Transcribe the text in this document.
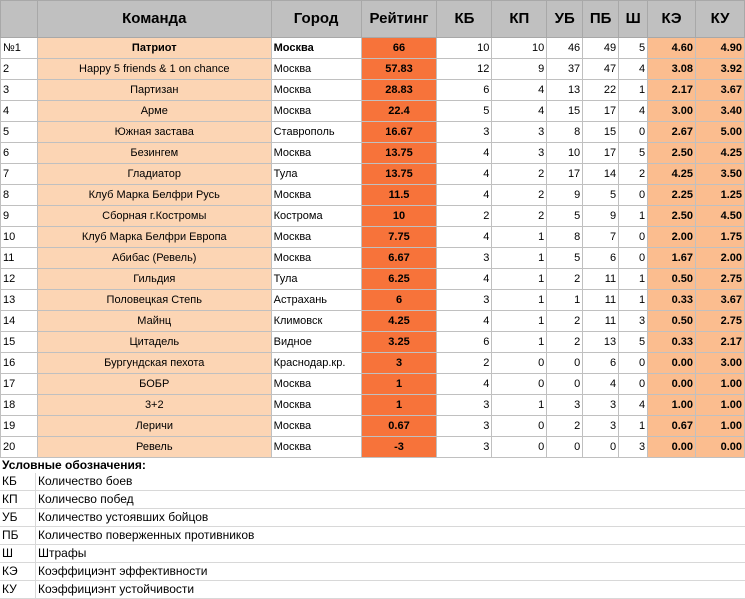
	Команда	Город	Рейтинг	КБ	КП	УБ	ПБ	Ш	КЭ	КУ
№1	Патриот	Москва	66	10	10	46	49	5	4.60	4.90
2	Happy 5 friends & 1 on chance	Москва	57.83	12	9	37	47	4	3.08	3.92
3	Партизан	Москва	28.83	6	4	13	22	1	2.17	3.67
4	Арме	Москва	22.4	5	4	15	17	4	3.00	3.40
5	Южная застава	Ставрополь	16.67	3	3	8	15	0	2.67	5.00
6	Безингем	Москва	13.75	4	3	10	17	5	2.50	4.25
7	Гладиатор	Тула	13.75	4	2	17	14	2	4.25	3.50
8	Клуб Марка Белфри Русь	Москва	11.5	4	2	9	5	0	2.25	1.25
9	Сборная г.Костромы	Кострома	10	2	2	5	9	1	2.50	4.50
10	Клуб Марка Белфри Европа	Москва	7.75	4	1	8	7	0	2.00	1.75
11	Абибас (Ревель)	Москва	6.67	3	1	5	6	0	1.67	2.00
12	Гильдия	Тула	6.25	4	1	2	11	1	0.50	2.75
13	Половецкая Степь	Астрахань	6	3	1	1	11	1	0.33	3.67
14	Майнц	Климовск	4.25	4	1	2	11	3	0.50	2.75
15	Цитадель	Видное	3.25	6	1	2	13	5	0.33	2.17
16	Бургундская пехота	Краснодар.кр.	3	2	0	0	6	0	0.00	3.00
17	БОБР	Москва	1	4	0	0	4	0	0.00	1.00
18	3+2	Москва	1	3	1	3	3	4	1.00	1.00
19	Леричи	Москва	0.67	3	0	2	3	1	0.67	1.00
20	Ревель	Москва	-3	3	0	0	0	3	0.00	0.00
Условные обозначения:
КБ	Количество боев
КП	Количесво побед
УБ	Количество устоявших бойцов
ПБ	Количество поверженных противников
Ш	Штрафы
КЭ	Коэффициэнт эффективности
КУ	Коэффициэнт устойчивости
